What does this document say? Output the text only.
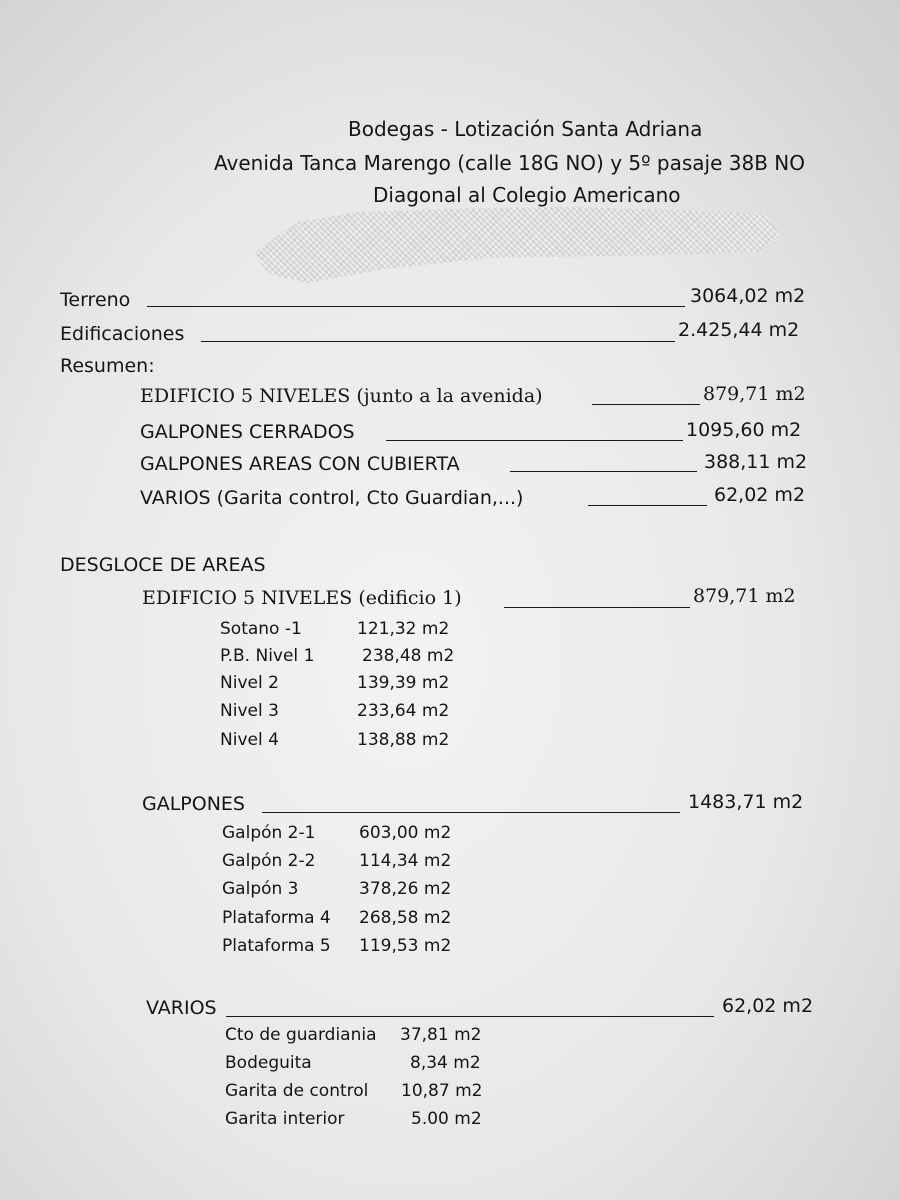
Bodegas - Lotización Santa Adriana
Avenida Tanca Marengo (calle 18G NO) y 5º pasaje 38B NO
Diagonal al Colegio Americano
Terreno	3064,02 m2
Edificaciones	2.425,44 m2
Resumen:
EDIFICIO 5 NIVELES (junto a la avenida)	879,71 m2
GALPONES CERRADOS	1095,60 m2
GALPONES AREAS CON CUBIERTA	388,11 m2
VARIOS (Garita control, Cto Guardian,...)	62,02 m2
DESGLOCE DE AREAS
EDIFICIO 5 NIVELES (edificio 1)	879,71 m2
Sotano -1	121,32 m2
P.B. Nivel 1	238,48 m2
Nivel 2	139,39 m2
Nivel 3	233,64 m2
Nivel 4	138,88 m2
GALPONES	1483,71 m2
Galpón 2-1	603,00 m2
Galpón 2-2	114,34 m2
Galpón 3	378,26 m2
Plataforma 4 268,58 m2
Plataforma 5 119,53 m2
VARIOS	62,02 m2
Cto de guardiania 37,81 m2
Bodeguita	8,34 m2
Garita de control 10,87 m2
Garita interior	5.00 m2
